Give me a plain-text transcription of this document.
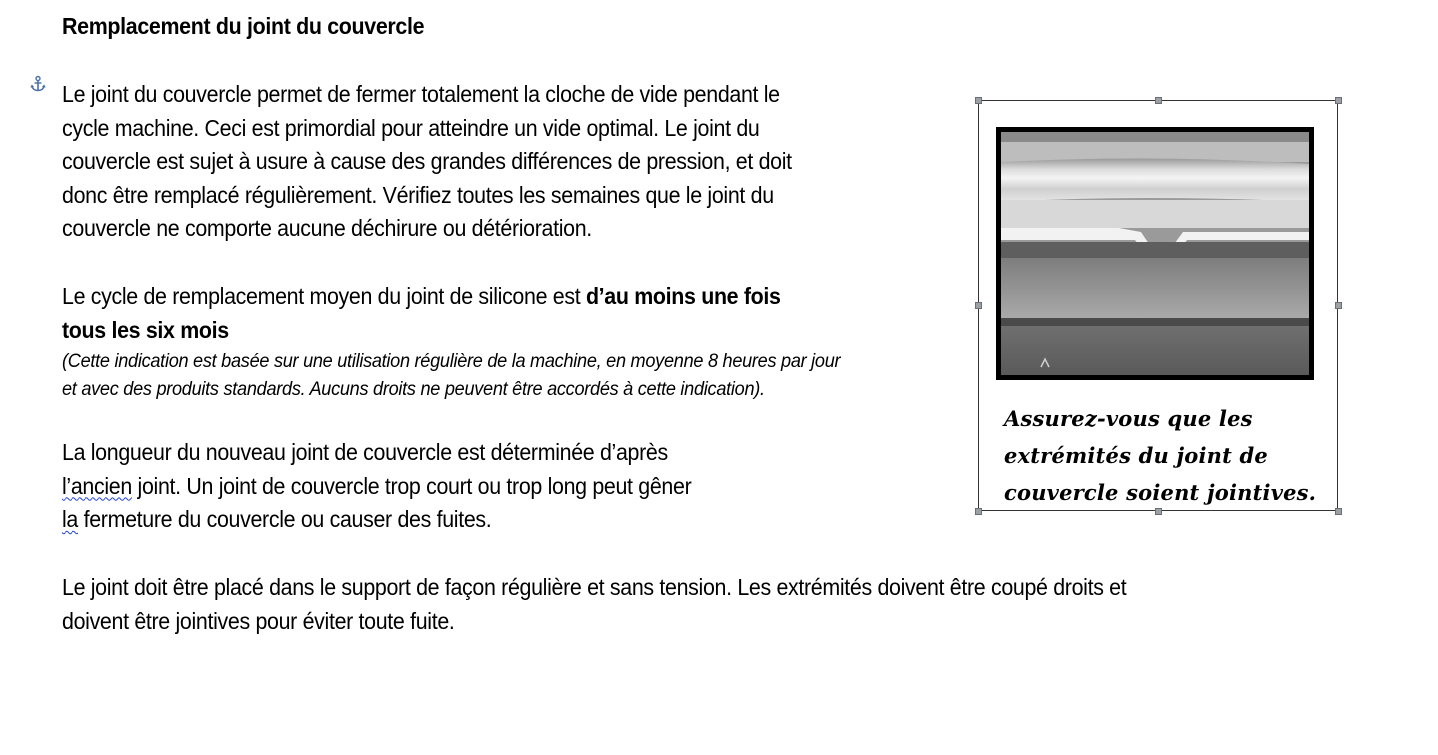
Remplacement du joint du couvercle
Le joint du couvercle permet de fermer totalement la cloche de vide pendant le
cycle machine. Ceci est primordial pour atteindre un vide optimal. Le joint du
couvercle est sujet à usure à cause des grandes différences de pression, et doit
donc être remplacé régulièrement. Vérifiez toutes les semaines que le joint du
couvercle ne comporte aucune déchirure ou détérioration.
Le cycle de remplacement moyen du joint de silicone est d’au moins une fois
tous les six mois
(Cette indication est basée sur une utilisation régulière de la machine, en moyenne 8 heures par jour
et avec des produits standards. Aucuns droits ne peuvent être accordés à cette indication).
La longueur du nouveau joint de couvercle est déterminée d’après
l’ancien joint. Un joint de couvercle trop court ou trop long peut gêner
la fermeture du couvercle ou causer des fuites.
Le joint doit être placé dans le support de façon régulière et sans tension. Les extrémités doivent être coupé droits et
doivent être jointives pour éviter toute fuite.
Assurez-vous que les
extrémités du joint de
couvercle soient jointives.
